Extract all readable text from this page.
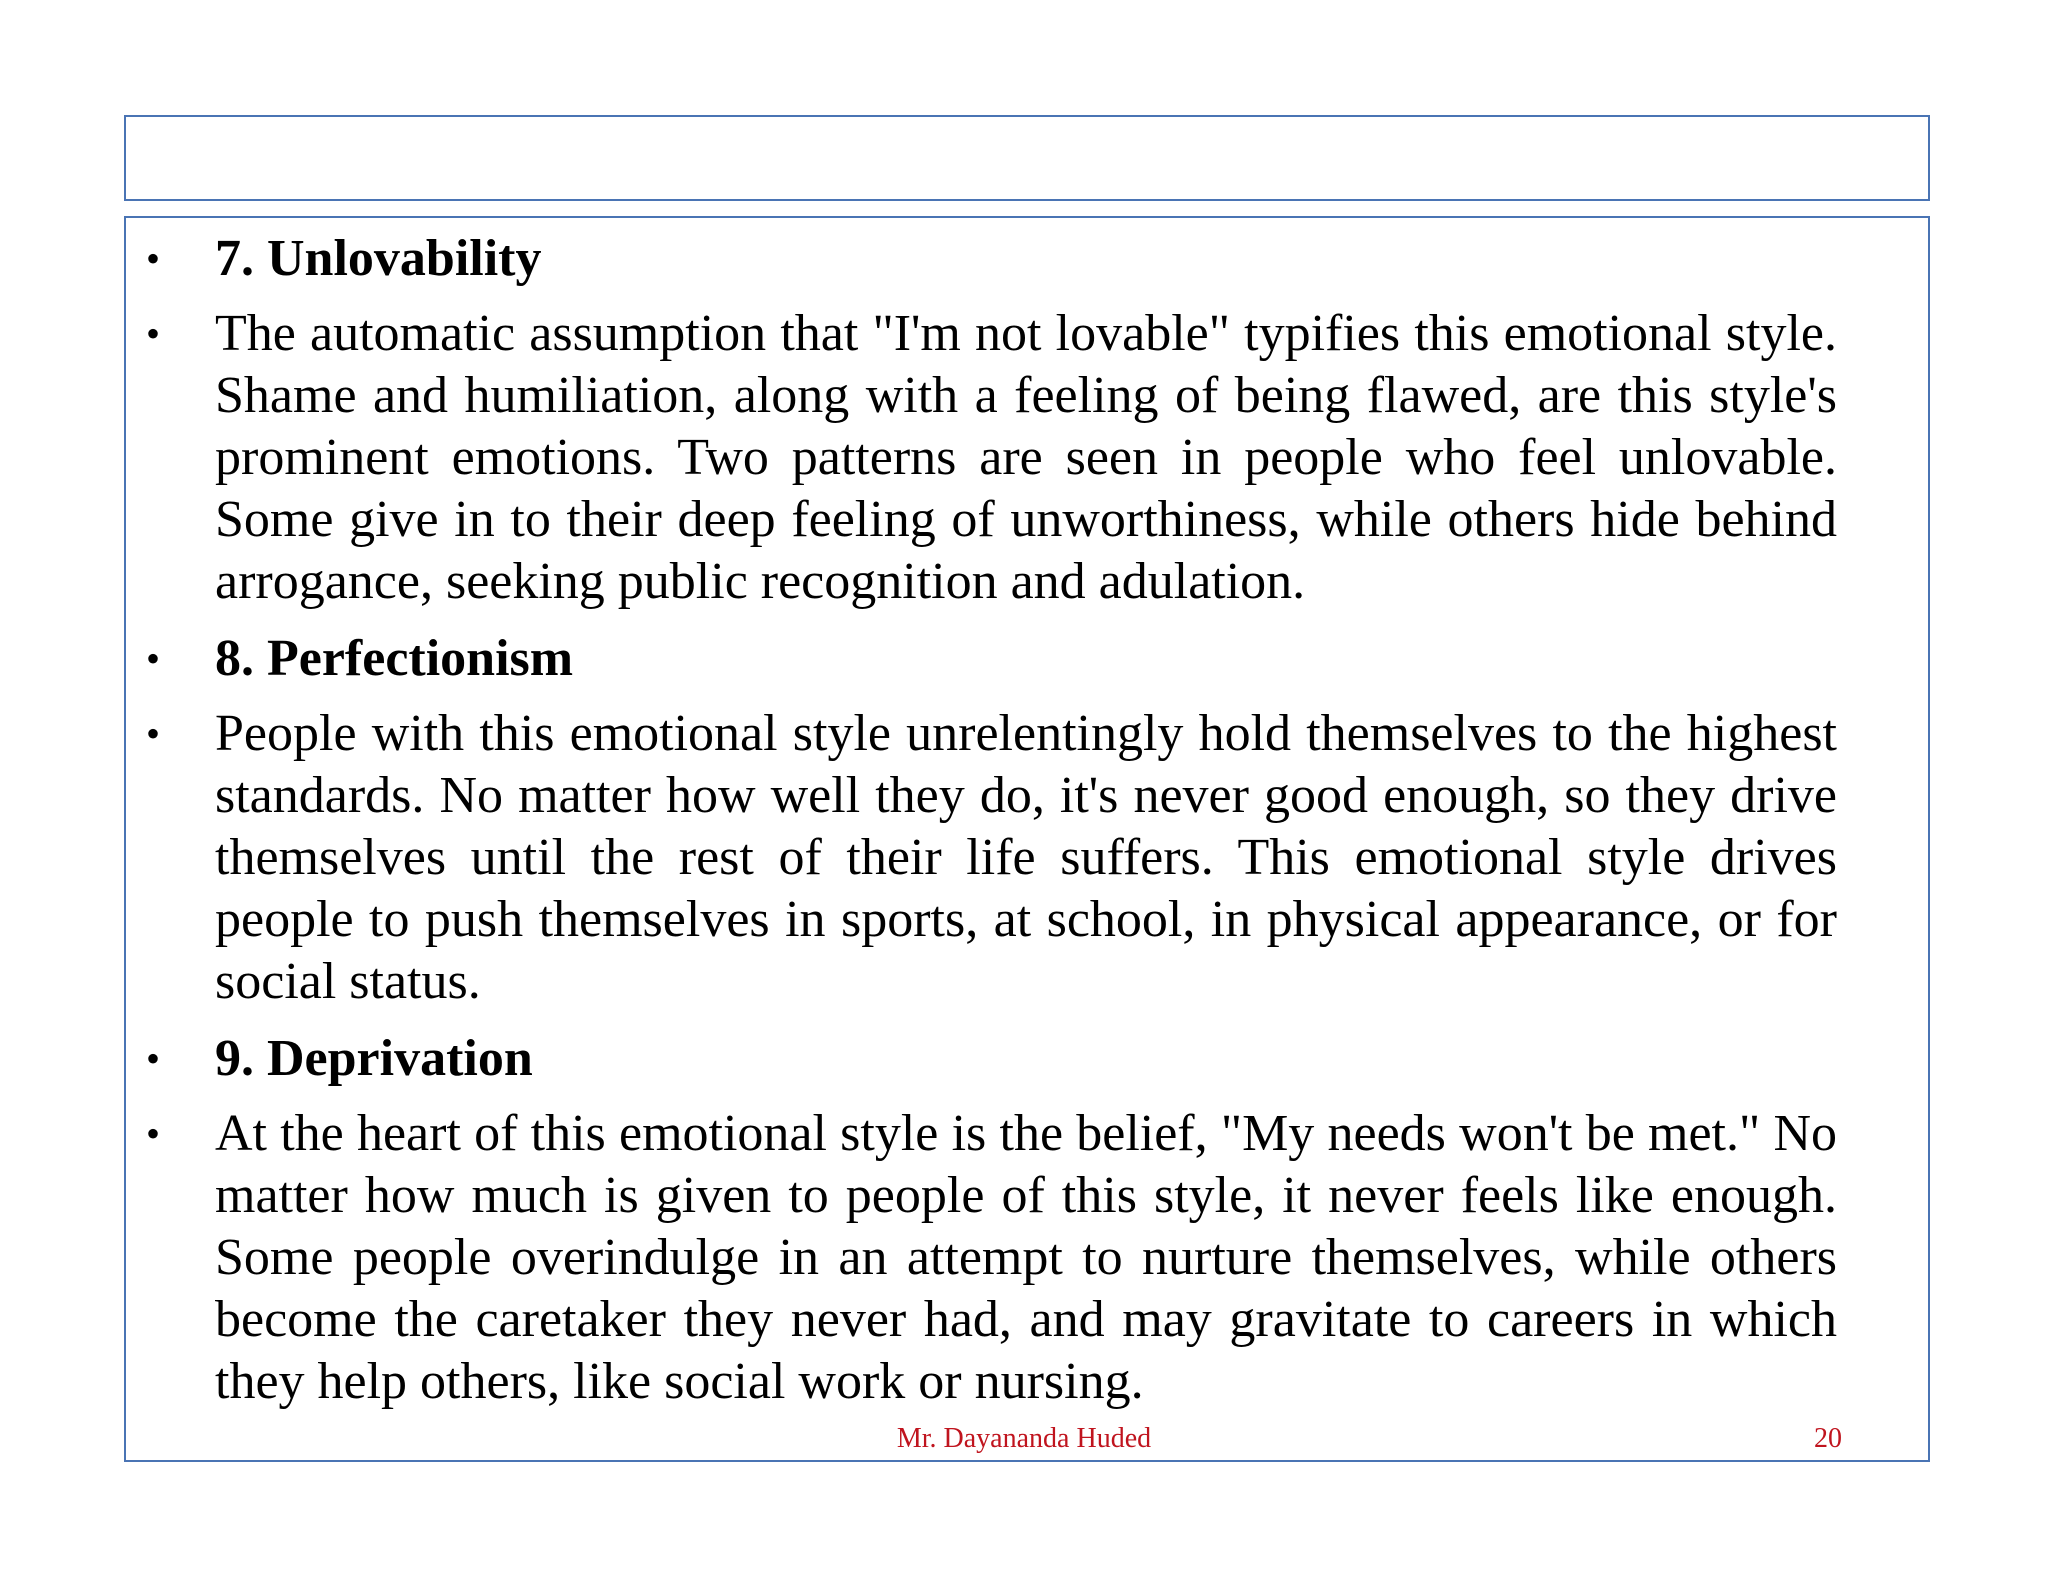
• 7. Unlovability
• The automatic assumption that "I'm not lovable" typifies this emotional style. Shame and humiliation, along with a feeling of being flawed, are this style's prominent emotions. Two patterns are seen in people who feel unlovable. Some give in to their deep feeling of unworthiness, while others hide behind arrogance, seeking public recognition and adulation.
• 8. Perfectionism
• People with this emotional style unrelentingly hold themselves to the highest standards. No matter how well they do, it's never good enough, so they drive themselves until the rest of their life suffers. This emotional style drives people to push themselves in sports, at school, in physical appearance, or for social status.
• 9. Deprivation
• At the heart of this emotional style is the belief, "My needs won't be met." No matter how much is given to people of this style, it never feels like enough. Some people overindulge in an attempt to nurture themselves, while others become the caretaker they never had, and may gravitate to careers in which they help others, like social work or nursing.
Mr. Dayananda Huded	20
